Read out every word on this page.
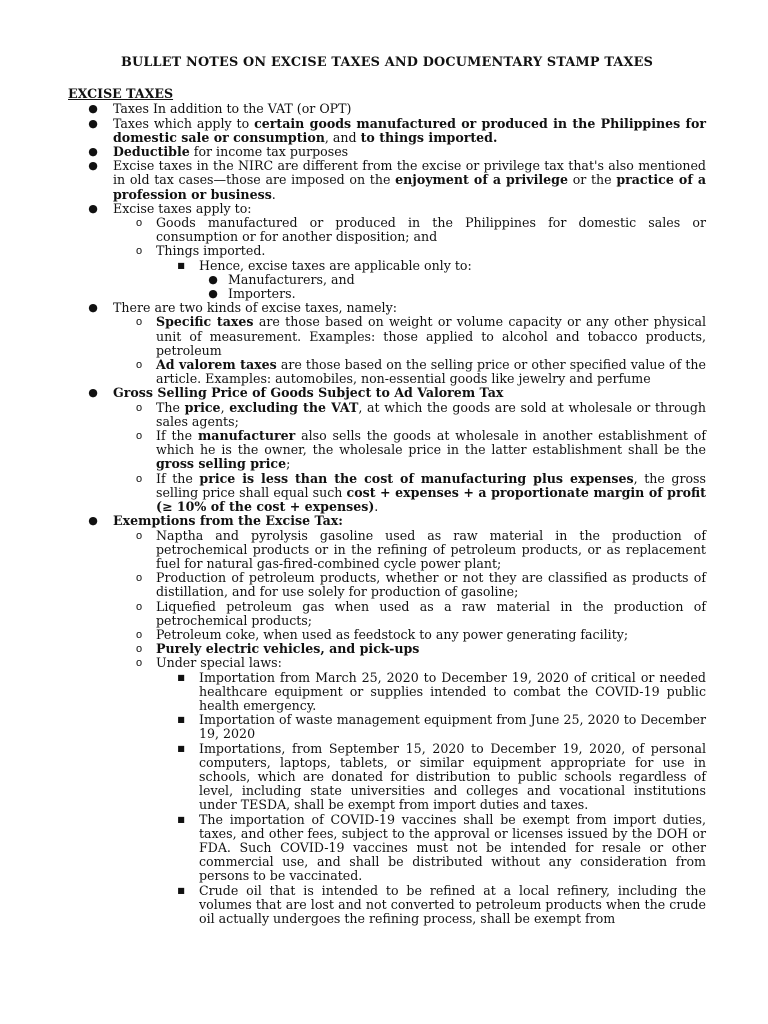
BULLET NOTES ON EXCISE TAXES AND DOCUMENTARY STAMP TAXES
EXCISE TAXES
● Taxes In addition to the VAT (or OPT)
● Taxes which apply to certain goods manufactured or produced in the Philippines for domestic sale or consumption, and to things imported.
● Deductible for income tax purposes
● Excise taxes in the NIRC are different from the excise or privilege tax that's also mentioned in old tax cases—those are imposed on the enjoyment of a privilege or the practice of a profession or business.
● Excise taxes apply to:
o Goods manufactured or produced in the Philippines for domestic sales or consumption or for another disposition; and
o Things imported.
■ Hence, excise taxes are applicable only to:
● Manufacturers, and
● Importers.
● There are two kinds of excise taxes, namely:
o Specific taxes are those based on weight or volume capacity or any other physical unit of measurement. Examples: those applied to alcohol and tobacco products, petroleum
o Ad valorem taxes are those based on the selling price or other specified value of the article. Examples: automobiles, non-essential goods like jewelry and perfume
● Gross Selling Price of Goods Subject to Ad Valorem Tax
o The price, excluding the VAT, at which the goods are sold at wholesale or through sales agents;
o If the manufacturer also sells the goods at wholesale in another establishment of which he is the owner, the wholesale price in the latter establishment shall be the gross selling price;
o If the price is less than the cost of manufacturing plus expenses, the gross selling price shall equal such cost + expenses + a proportionate margin of profit (≥ 10% of the cost + expenses).
● Exemptions from the Excise Tax:
o Naptha and pyrolysis gasoline used as raw material in the production of petrochemical products or in the refining of petroleum products, or as replacement fuel for natural gas-fired-combined cycle power plant;
o Production of petroleum products, whether or not they are classified as products of distillation, and for use solely for production of gasoline;
o Liquefied petroleum gas when used as a raw material in the production of petrochemical products;
o Petroleum coke, when used as feedstock to any power generating facility;
o Purely electric vehicles, and pick-ups
o Under special laws:
■ Importation from March 25, 2020 to December 19, 2020 of critical or needed healthcare equipment or supplies intended to combat the COVID-19 public health emergency.
■ Importation of waste management equipment from June 25, 2020 to December 19, 2020
■ Importations, from September 15, 2020 to December 19, 2020, of personal computers, laptops, tablets, or similar equipment appropriate for use in schools, which are donated for distribution to public schools regardless of level, including state universities and colleges and vocational institutions under TESDA, shall be exempt from import duties and taxes.
■ The importation of COVID-19 vaccines shall be exempt from import duties, taxes, and other fees, subject to the approval or licenses issued by the DOH or FDA. Such COVID-19 vaccines must not be intended for resale or other commercial use, and shall be distributed without any consideration from persons to be vaccinated.
■ Crude oil that is intended to be refined at a local refinery, including the volumes that are lost and not converted to petroleum products when the crude oil actually undergoes the refining process, shall be exempt from
